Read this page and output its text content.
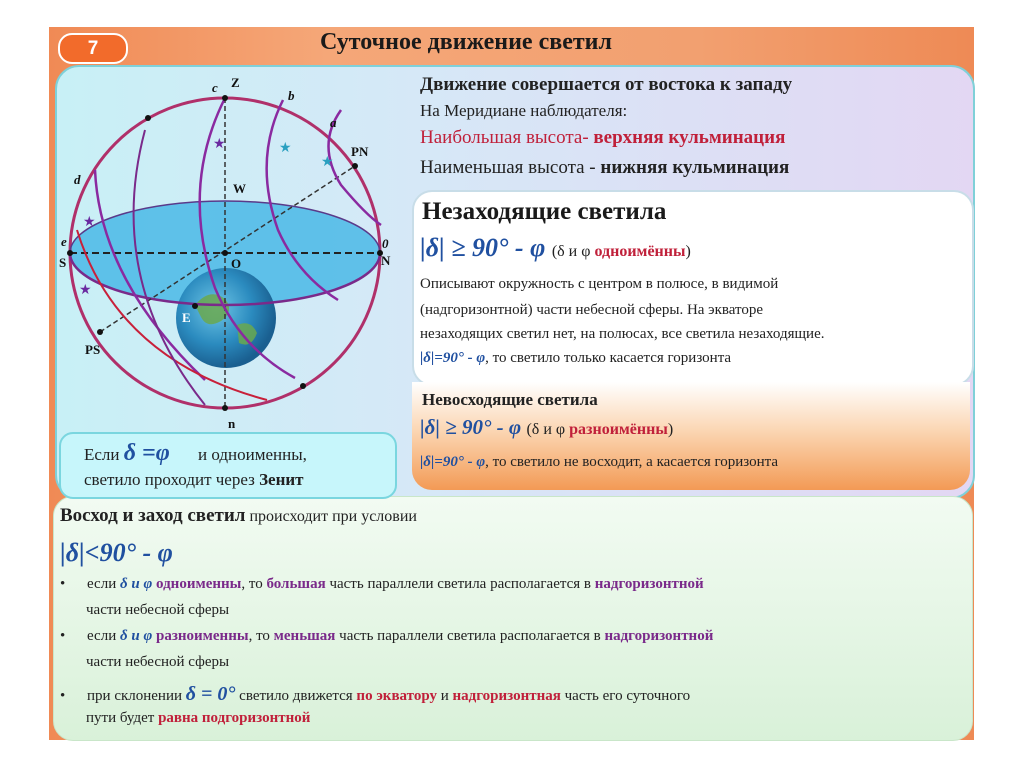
7	Суточное движение светил
★	★
★
★
★
Z
c
b
a
PN
d
W
e
S	O
0
N
E
PS
n
Движение совершается от востока к западу
На Меридиане наблюдателя:
Наибольшая высота- верхняя кульминация
Наименьшая высота - нижняя кульминация
Незаходящие светила
|δ| ≥ 90° - φ (δ и φ одноимённы)
Описывают окружность с центром в полюсе, в видимой
(надгоризонтной) части небесной сферы. На экваторе
незаходящих светил нет, на полюсах, все светила незаходящие.
|δ|=90° - φ, то светило только касается горизонта
Невосходящие светила
|δ| ≥ 90° - φ (δ и φ разноимённы)
|δ|=90° - φ, то светило не восходит, а касается горизонта
Если δ =φ и одноименны,
светило проходит через Зенит
Восход и заход светил происходит при условии
|δ|<90° - φ
• если δ и φ одноименны, то большая часть параллели светила располагается в надгоризонтной
части небесной сферы
• если δ и φ разноименны, то меньшая часть параллели светила располагается в надгоризонтной
части небесной сферы
• при склонении δ = 0° светило движется по экватору и надгоризонтная часть его суточного
пути будет равна подгоризонтной
